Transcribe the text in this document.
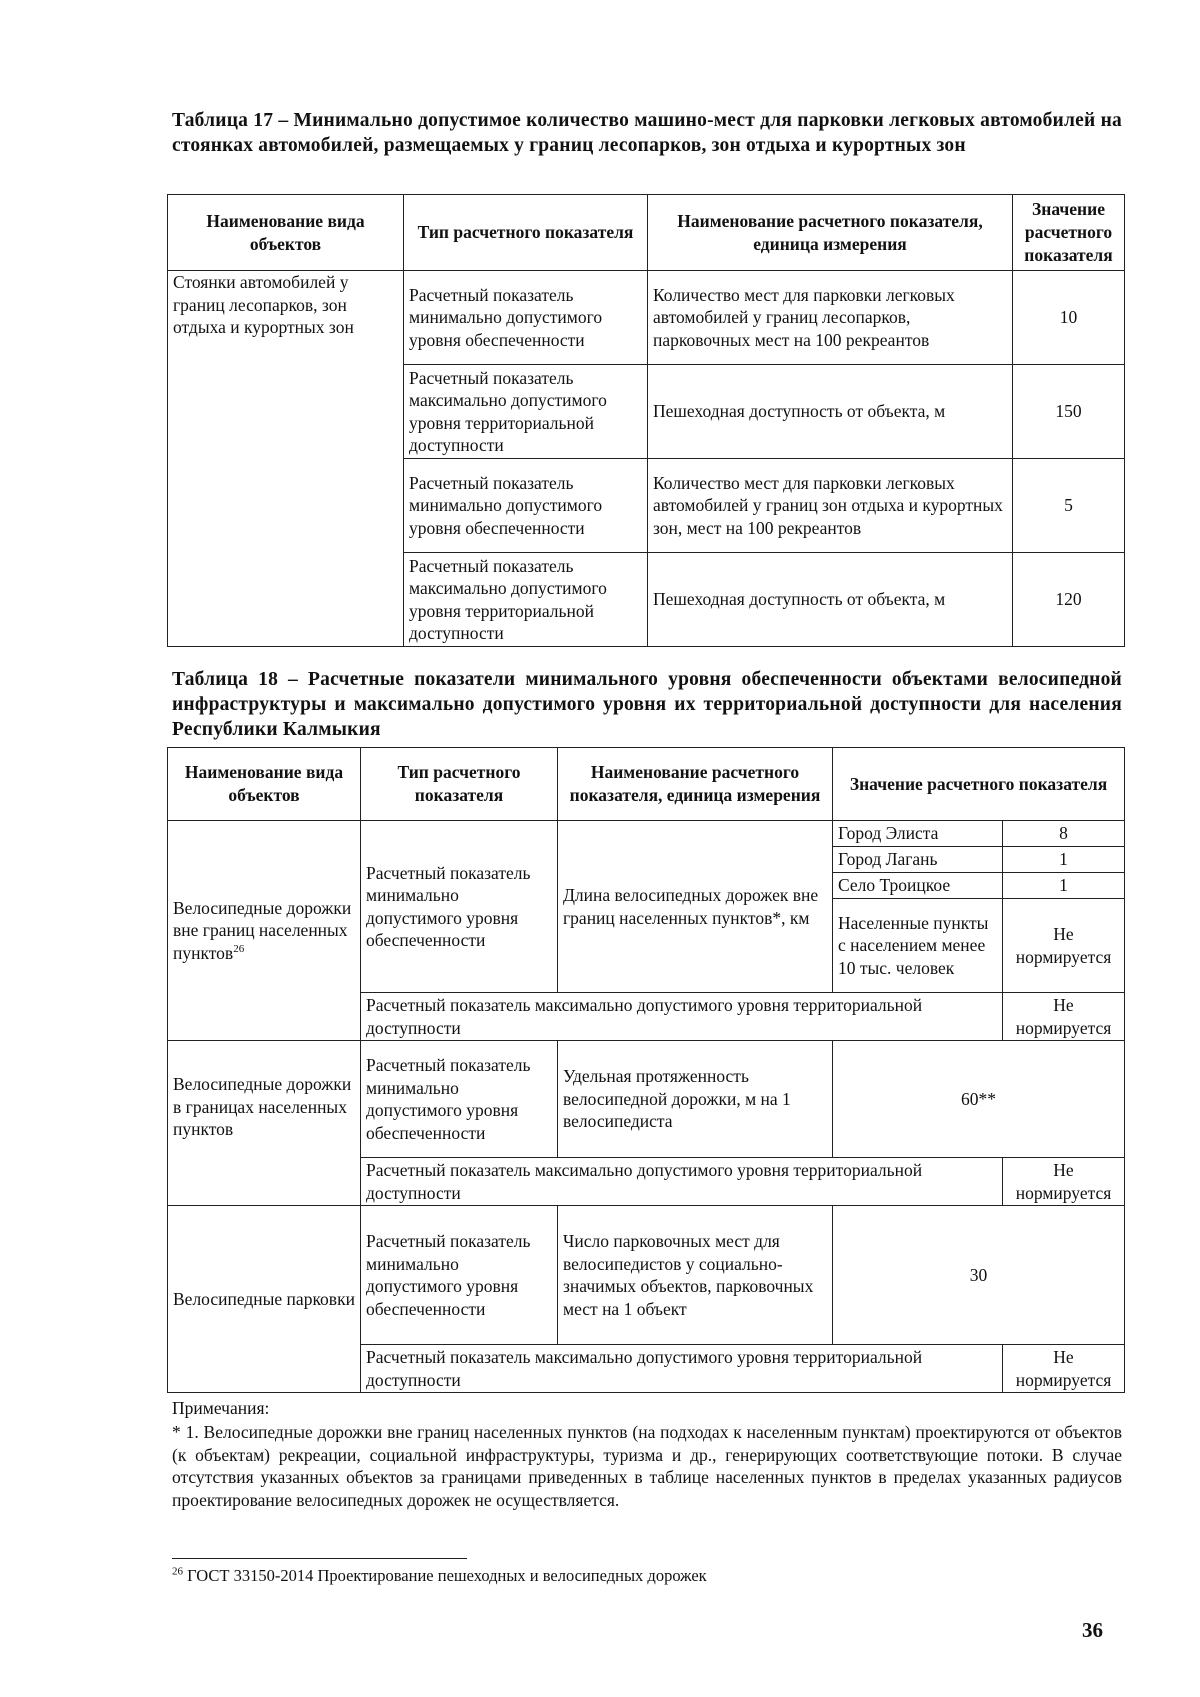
Таблица 17 – Минимально допустимое количество машино-мест для парковки легковых автомобилей на стоянках автомобилей, размещаемых у границ лесопарков, зон отдыха и курортных зон
Наименование вида объектов	Тип расчетного показателя	Наименование расчетного показателя, единица измерения	Значение расчетного показателя
Стоянки автомобилей у границ лесопарков, зон отдыха и курортных зон	Расчетный показатель минимально допустимого уровня обеспеченности	Количество мест для парковки легковых автомобилей у границ лесопарков, парковочных мест на 100 рекреантов	10
	Расчетный показатель максимально допустимого уровня территориальной доступности	Пешеходная доступность от объекта, м	150
	Расчетный показатель минимально допустимого уровня обеспеченности	Количество мест для парковки легковых автомобилей у границ зон отдыха и курортных зон, мест на 100 рекреантов	5
	Расчетный показатель максимально допустимого уровня территориальной доступности	Пешеходная доступность от объекта, м	120
Таблица 18 – Расчетные показатели минимального уровня обеспеченности объектами велосипедной инфраструктуры и максимально допустимого уровня их территориальной доступности для населения Республики Калмыкия
Наименование вида объектов	Тип расчетного показателя	Наименование расчетного показателя, единица измерения	Значение расчетного показателя	
Велосипедные дорожки вне границ населенных пунктов$^{26}$	Расчетный показатель минимально допустимого уровня обеспеченности	Длина велосипедных дорожек вне границ населенных пунктов*, км	Город Элиста	8
			Город Лагань	1
			Село Троицкое	1
			Населенные пункты с населением менее 10 тыс. человек	Не нормируется
	Расчетный показатель максимально допустимого уровня территориальной доступности			Не нормируется
Велосипедные дорожки в границах населенных пунктов	Расчетный показатель минимально допустимого уровня обеспеченности	Удельная протяженность велосипедной дорожки, м на 1 велосипедиста	60**	
	Расчетный показатель максимально допустимого уровня территориальной доступности			Не нормируется
Велосипедные парковки	Расчетный показатель минимально допустимого уровня обеспеченности	Число парковочных мест для велосипедистов у социально-значимых объектов, парковочных мест на 1 объект	30	
	Расчетный показатель максимально допустимого уровня территориальной доступности			Не нормируется
Примечания:
* 1. Велосипедные дорожки вне границ населенных пунктов (на подходах к населенным пунктам) проектируются от объектов (к объектам) рекреации, социальной инфраструктуры, туризма и др., генерирующих соответствующие потоки. В случае отсутствия указанных объектов за границами приведенных в таблице населенных пунктов в пределах указанных радиусов проектирование велосипедных дорожек не осуществляется.
$^{26}$ ГОСТ 33150-2014 Проектирование пешеходных и велосипедных дорожек
36
